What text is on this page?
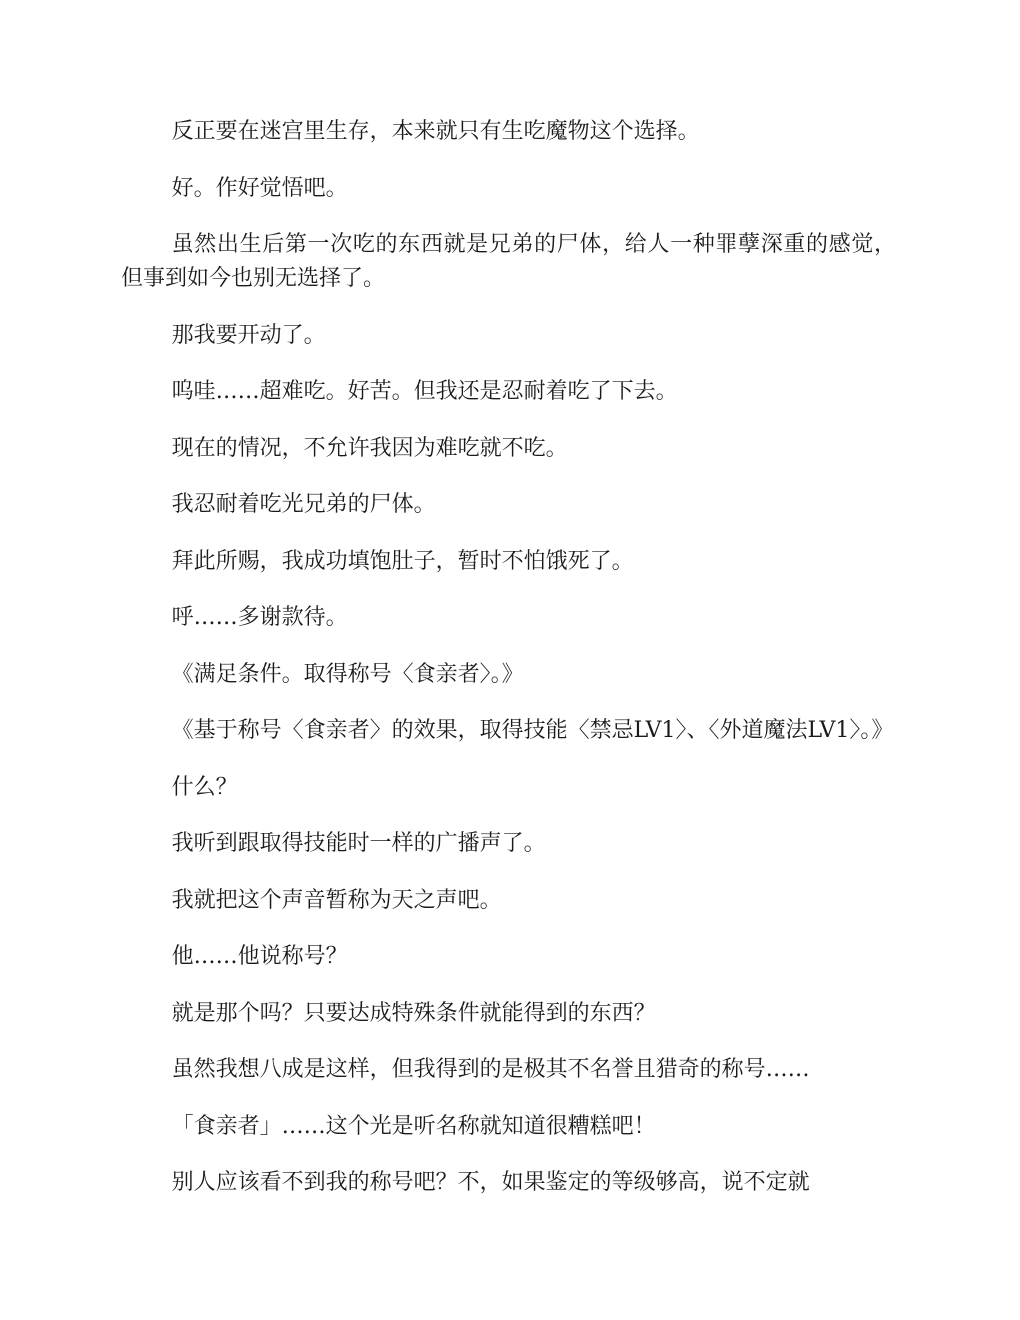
反正要在迷宫里生存，本来就只有生吃魔物这个选择。

好。作好觉悟吧。

虽然出生后第一次吃的东西就是兄弟的尸体，给人一种罪孽深重的感觉，但事到如今也别无选择了。

那我要开动了。

呜哇……超难吃。好苦。但我还是忍耐着吃了下去。

现在的情况，不允许我因为难吃就不吃。

我忍耐着吃光兄弟的尸体。

拜此所赐，我成功填饱肚子，暂时不怕饿死了。

呼……多谢款待。

《满足条件。取得称号〈食亲者〉。》

《基于称号〈食亲者〉的效果，取得技能〈禁忌LV1〉、〈外道魔法LV1〉。》

什么？

我听到跟取得技能时一样的广播声了。

我就把这个声音暂称为天之声吧。

他……他说称号？

就是那个吗？只要达成特殊条件就能得到的东西？

虽然我想八成是这样，但我得到的是极其不名誉且猎奇的称号……

「食亲者」……这个光是听名称就知道很糟糕吧！

别人应该看不到我的称号吧？不，如果鉴定的等级够高，说不定就
